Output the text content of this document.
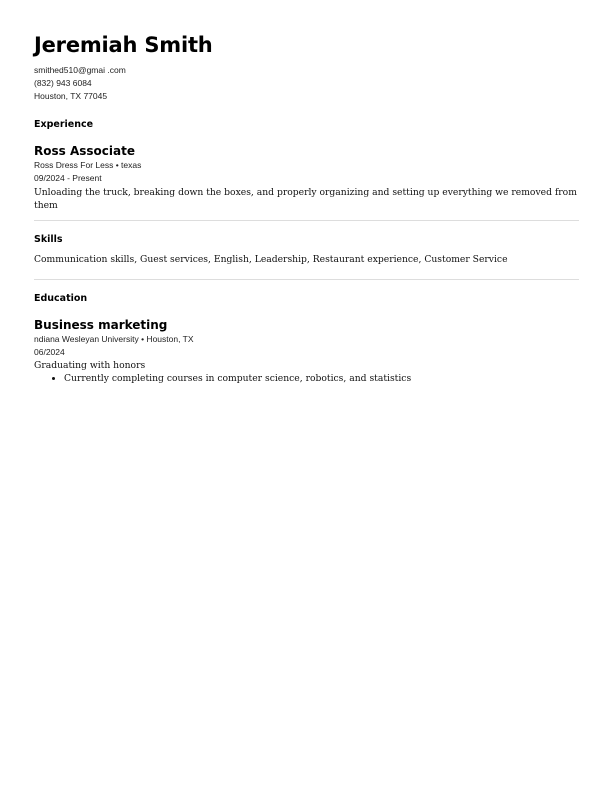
Jeremiah Smith
smithed510@gmai .com
(832) 943 6084
Houston, TX 77045
Experience
Ross Associate
Ross Dress For Less • texas
09/2024 - Present
Unloading the truck, breaking down the boxes, and properly organizing and setting up everything we removed from them
Skills
Communication skills, Guest services, English, Leadership, Restaurant experience, Customer Service
Education
Business marketing
ndiana Wesleyan University • Houston, TX
06/2024
Graduating with honors
• Currently completing courses in computer science, robotics, and statistics
